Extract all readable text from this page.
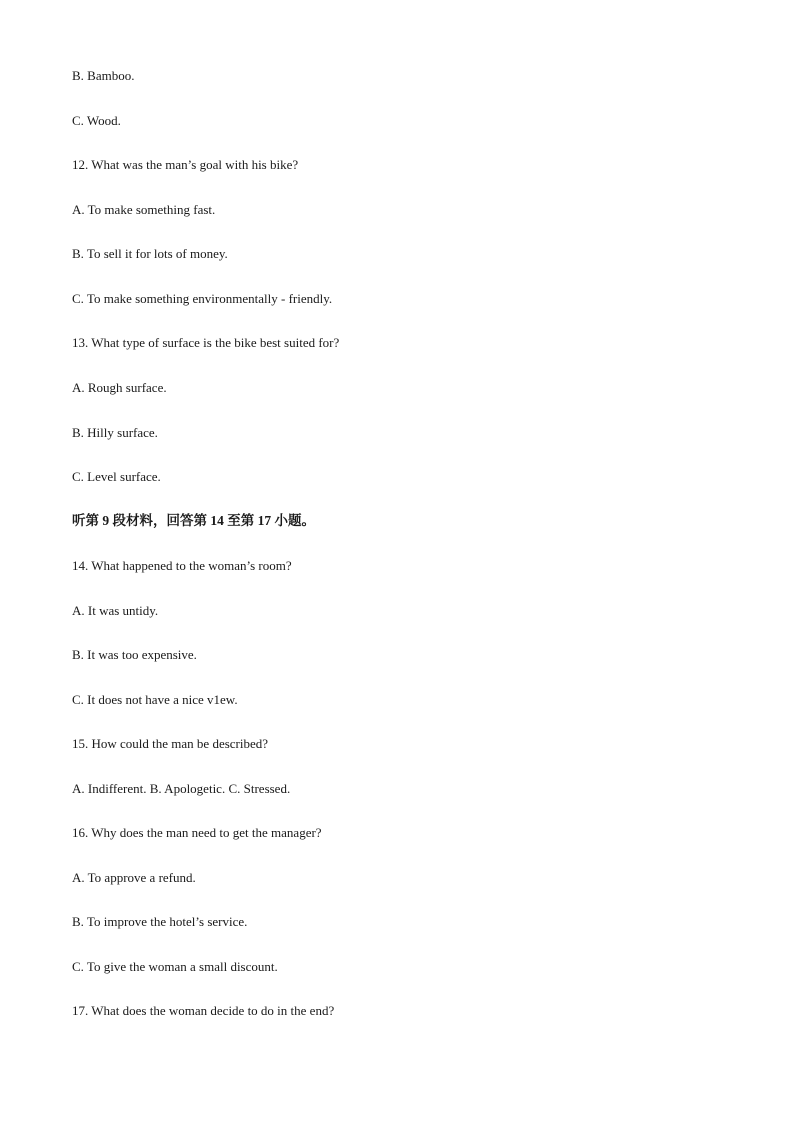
B. Bamboo.
C. Wood.
12. What was the man’s goal with his bike?
A. To make something fast.
B. To sell it for lots of money.
C. To make something environmentally - friendly.
13. What type of surface is the bike best suited for?
A. Rough surface.
B. Hilly surface.
C. Level surface.
听第 9 段材料，回答第 14 至第 17 小题。
14. What happened to the woman’s room?
A. It was untidy.
B. It was too expensive.
C. It does not have a nice v1ew.
15. How could the man be described?
A. Indifferent. B. Apologetic. C. Stressed.
16. Why does the man need to get the manager?
A. To approve a refund.
B. To improve the hotel’s service.
C. To give the woman a small discount.
17. What does the woman decide to do in the end?
